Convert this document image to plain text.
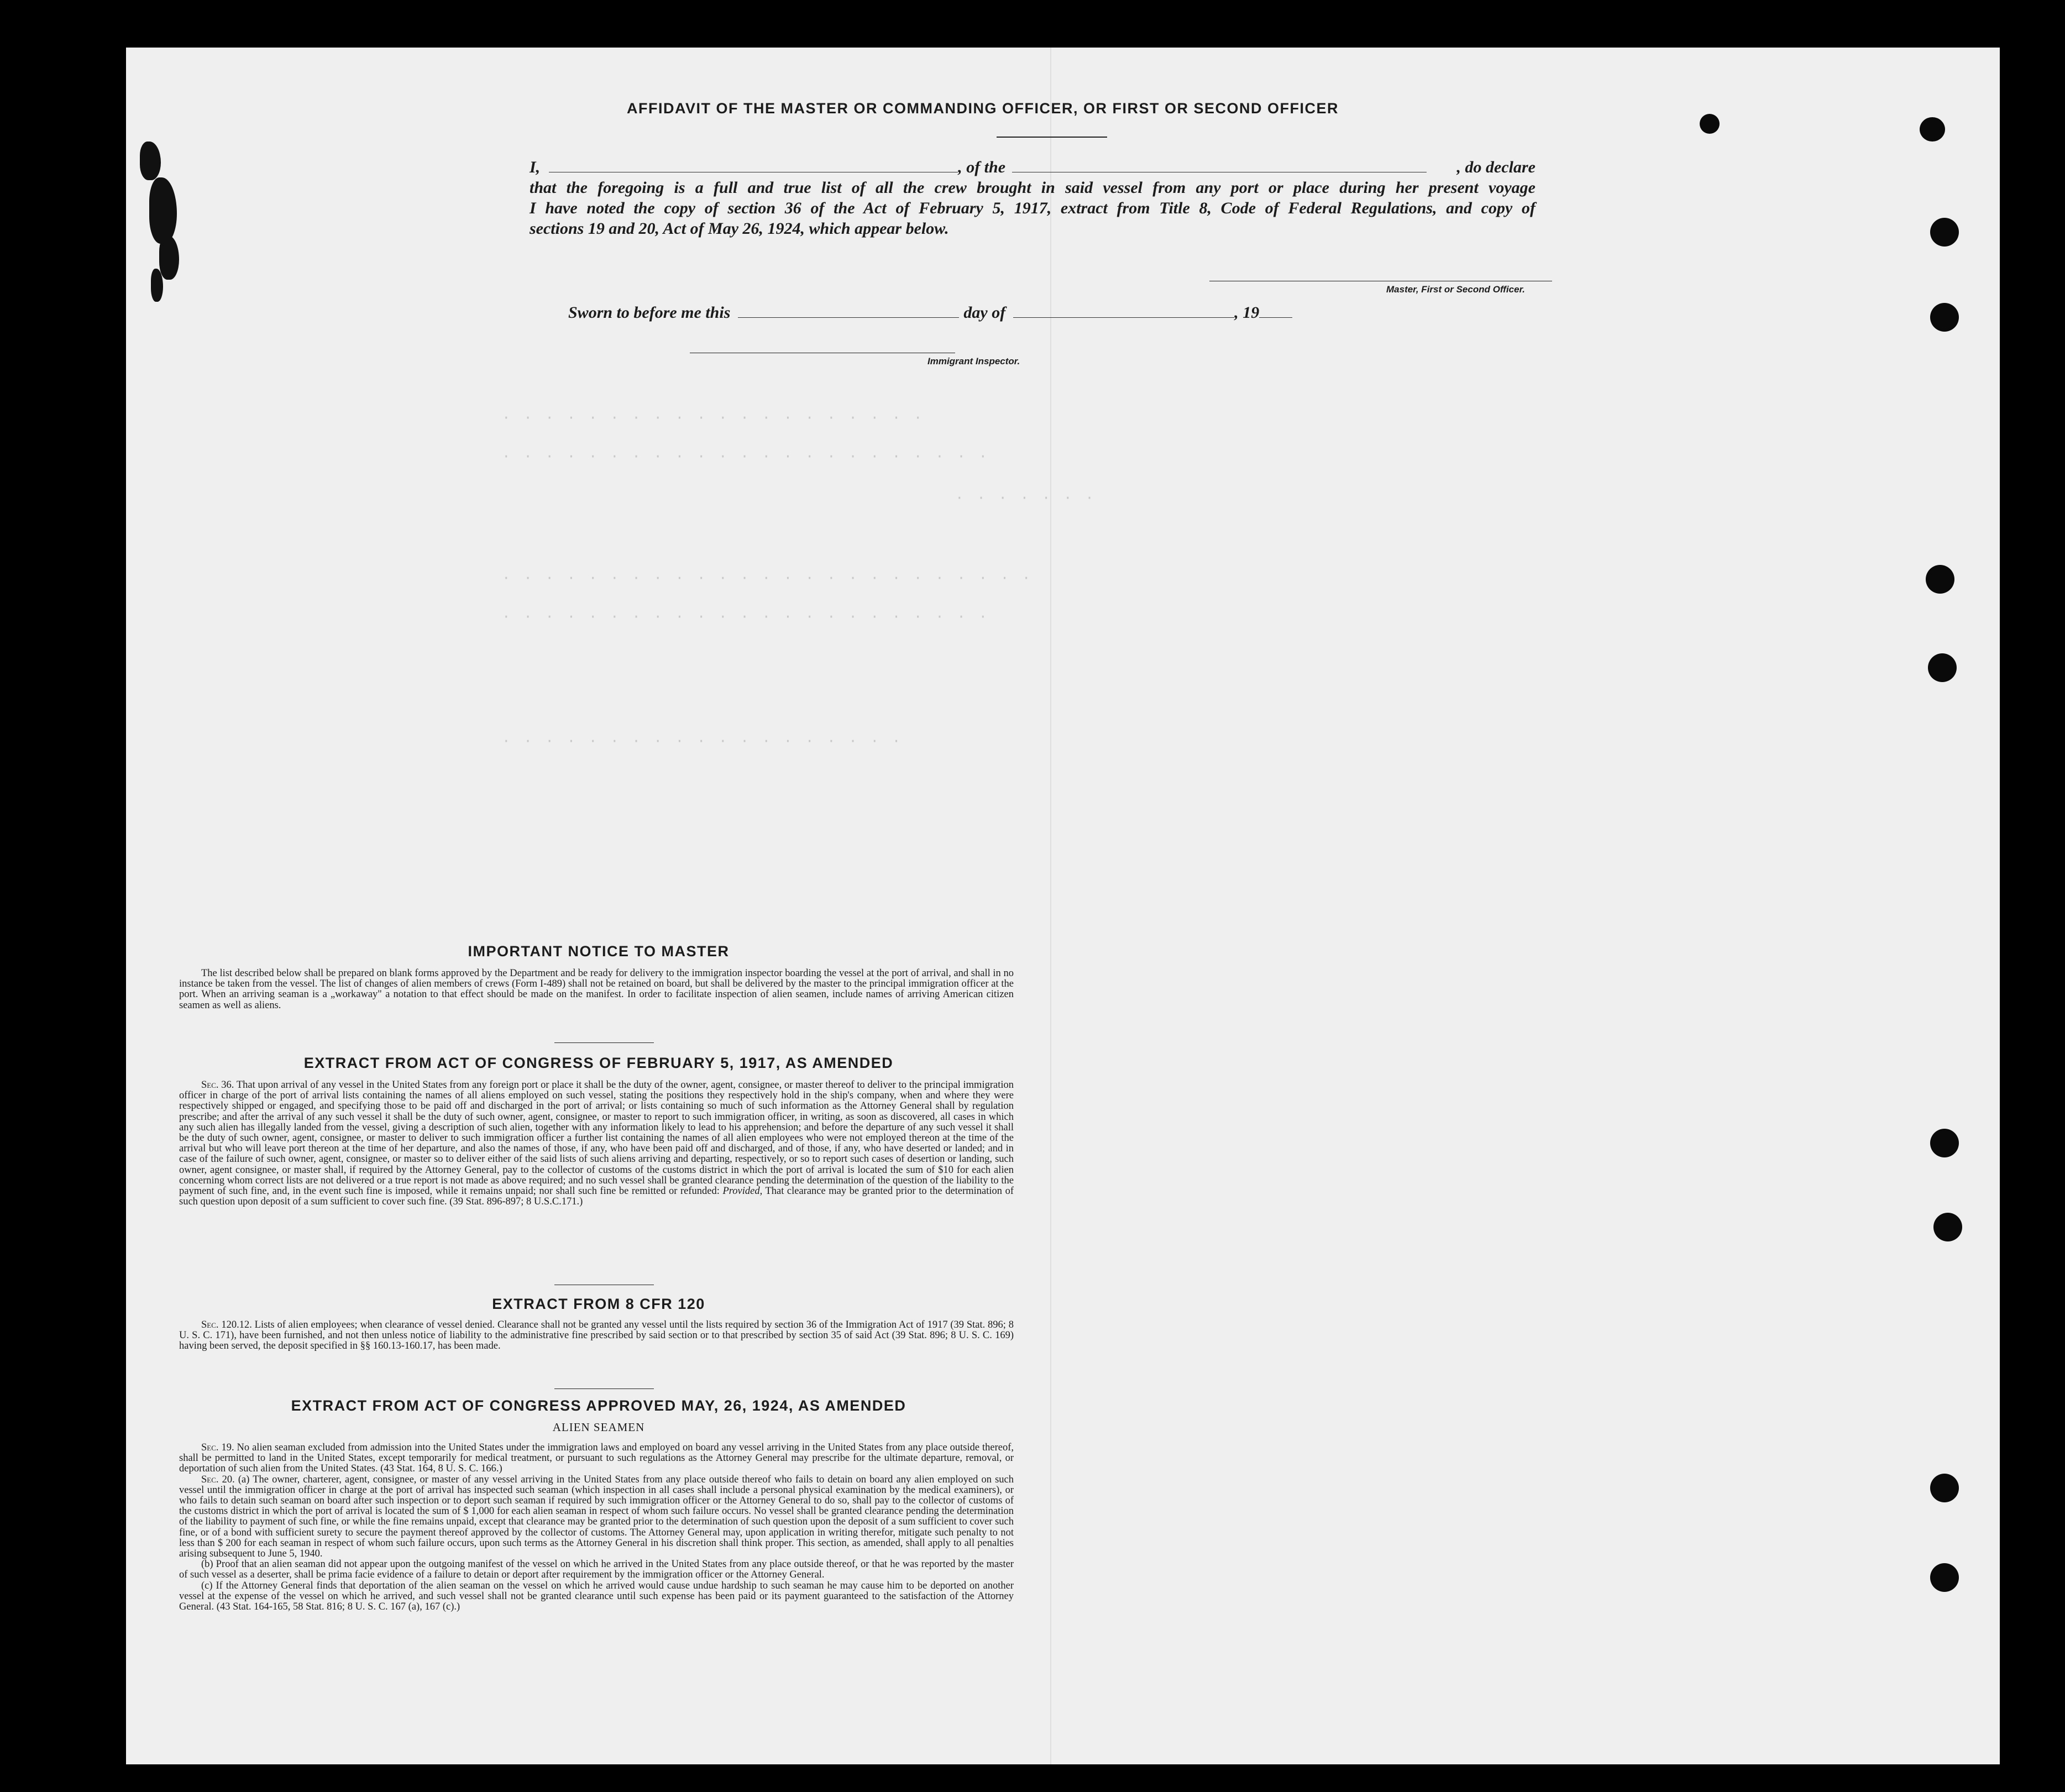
· · · · · · · · · · · · · · · · · · · ·
· · · · · · · · · · · · · · · · · · · · · · ·
· · · · · · ·
· · · · · · · · · · · · · · · · · · · · · · · · ·
· · · · · · · · · · · · · · · · · · · · · · ·
· · · · · · · · · · · · · · · · · · ·
AFFIDAVIT OF THE MASTER OR COMMANDING OFFICER, OR FIRST OR SECOND OFFICER
I,	, of the	, do declare
that the foregoing is a full and true list of all the crew brought in said vessel from any port or place during her present voyage
I have noted the copy of section 36 of the Act of February 5, 1917, extract from Title 8, Code of Federal Regulations, and copy of
sections 19 and 20, Act of May 26, 1924, which appear below.
Master, First or Second Officer.
Sworn to before me this	day of	, 19
Immigrant Inspector.
IMPORTANT NOTICE TO MASTER

The list described below shall be prepared on blank forms approved by the Department and be ready for delivery to the immigration inspector boarding the vessel at the port of arrival, and shall in no instance be taken from the vessel. The list of changes of alien members of crews (Form I-489) shall not be retained on board, but shall be delivered by the master to the principal immigration officer at the port. When an arriving seaman is a „workaway" a notation to that effect should be made on the manifest. In order to facilitate inspection of alien seamen, include names of arriving American citizen seamen as well as aliens.

EXTRACT FROM ACT OF CONGRESS OF FEBRUARY 5, 1917, AS AMENDED

Sec. 36. That upon arrival of any vessel in the United States from any foreign port or place it shall be the duty of the owner, agent, consignee, or master thereof to deliver to the principal immigration officer in charge of the port of arrival lists containing the names of all aliens employed on such vessel, stating the positions they respectively hold in the ship's company, when and where they were respectively shipped or engaged, and specifying those to be paid off and discharged in the port of arrival; or lists containing so much of such information as the Attorney General shall by regulation prescribe; and after the arrival of any such vessel it shall be the duty of such owner, agent, consignee, or master to report to such immigration officer, in writing, as soon as discovered, all cases in which any such alien has illegally landed from the vessel, giving a description of such alien, together with any information likely to lead to his apprehension; and before the departure of any such vessel it shall be the duty of such owner, agent, consignee, or master to deliver to such immigration officer a further list containing the names of all alien employees who were not employed thereon at the time of the arrival but who will leave port thereon at the time of her departure, and also the names of those, if any, who have been paid off and discharged, and of those, if any, who have deserted or landed; and in case of the failure of such owner, agent, consignee, or master so to deliver either of the said lists of such aliens arriving and departing, respectively, or so to report such cases of desertion or landing, such owner, agent consignee, or master shall, if required by the Attorney General, pay to the collector of customs of the customs district in which the port of arrival is located the sum of $10 for each alien concerning whom correct lists are not delivered or a true report is not made as above required; and no such vessel shall be granted clearance pending the determination of the question of the liability to the payment of such fine, and, in the event such fine is imposed, while it remains unpaid; nor shall such fine be remitted or refunded: Provided, That clearance may be granted prior to the determination of such question upon deposit of a sum sufficient to cover such fine. (39 Stat. 896-897; 8 U.S.C.171.)

EXTRACT FROM 8 CFR 120

Sec. 120.12. Lists of alien employees; when clearance of vessel denied. Clearance shall not be granted any vessel until the lists required by section 36 of the Immigration Act of 1917 (39 Stat. 896; 8 U. S. C. 171), have been furnished, and not then unless notice of liability to the administrative fine prescribed by said section or to that prescribed by section 35 of said Act (39 Stat. 896; 8 U. S. C. 169) having been served, the deposit specified in §§ 160.13-160.17, has been made.

EXTRACT FROM ACT OF CONGRESS APPROVED MAY, 26, 1924, AS AMENDED
ALIEN SEAMEN

Sec. 19. No alien seaman excluded from admission into the United States under the immigration laws and employed on board any vessel arriving in the United States from any place outside thereof, shall be permitted to land in the United States, except temporarily for medical treatment, or pursuant to such regulations as the Attorney General may prescribe for the ultimate departure, removal, or deportation of such alien from the United States. (43 Stat. 164, 8 U. S. C. 166.)

Sec. 20. (a) The owner, charterer, agent, consignee, or master of any vessel arriving in the United States from any place outside thereof who fails to detain on board any alien employed on such vessel until the immigration officer in charge at the port of arrival has inspected such seaman (which inspection in all cases shall include a personal physical examination by the medical examiners), or who fails to detain such seaman on board after such inspection or to deport such seaman if required by such immigration officer or the Attorney General to do so, shall pay to the collector of customs of the customs district in which the port of arrival is located the sum of $ 1,000 for each alien seaman in respect of whom such failure occurs. No vessel shall be granted clearance pending the determination of the liability to payment of such fine, or while the fine remains unpaid, except that clearance may be granted prior to the determination of such question upon the deposit of a sum sufficient to cover such fine, or of a bond with sufficient surety to secure the payment thereof approved by the collector of customs. The Attorney General may, upon application in writing therefor, mitigate such penalty to not less than $ 200 for each seaman in respect of whom such failure occurs, upon such terms as the Attorney General in his discretion shall think proper. This section, as amended, shall apply to all penalties arising subsequent to June 5, 1940.

(b) Proof that an alien seaman did not appear upon the outgoing manifest of the vessel on which he arrived in the United States from any place outside thereof, or that he was reported by the master of such vessel as a deserter, shall be prima facie evidence of a failure to detain or deport after requirement by the immigration officer or the Attorney General.

(c) If the Attorney General finds that deportation of the alien seaman on the vessel on which he arrived would cause undue hardship to such seaman he may cause him to be deported on another vessel at the expense of the vessel on which he arrived, and such vessel shall not be granted clearance until such expense has been paid or its payment guaranteed to the satisfaction of the Attorney General. (43 Stat. 164-165, 58 Stat. 816; 8 U. S. C. 167 (a), 167 (c).)
